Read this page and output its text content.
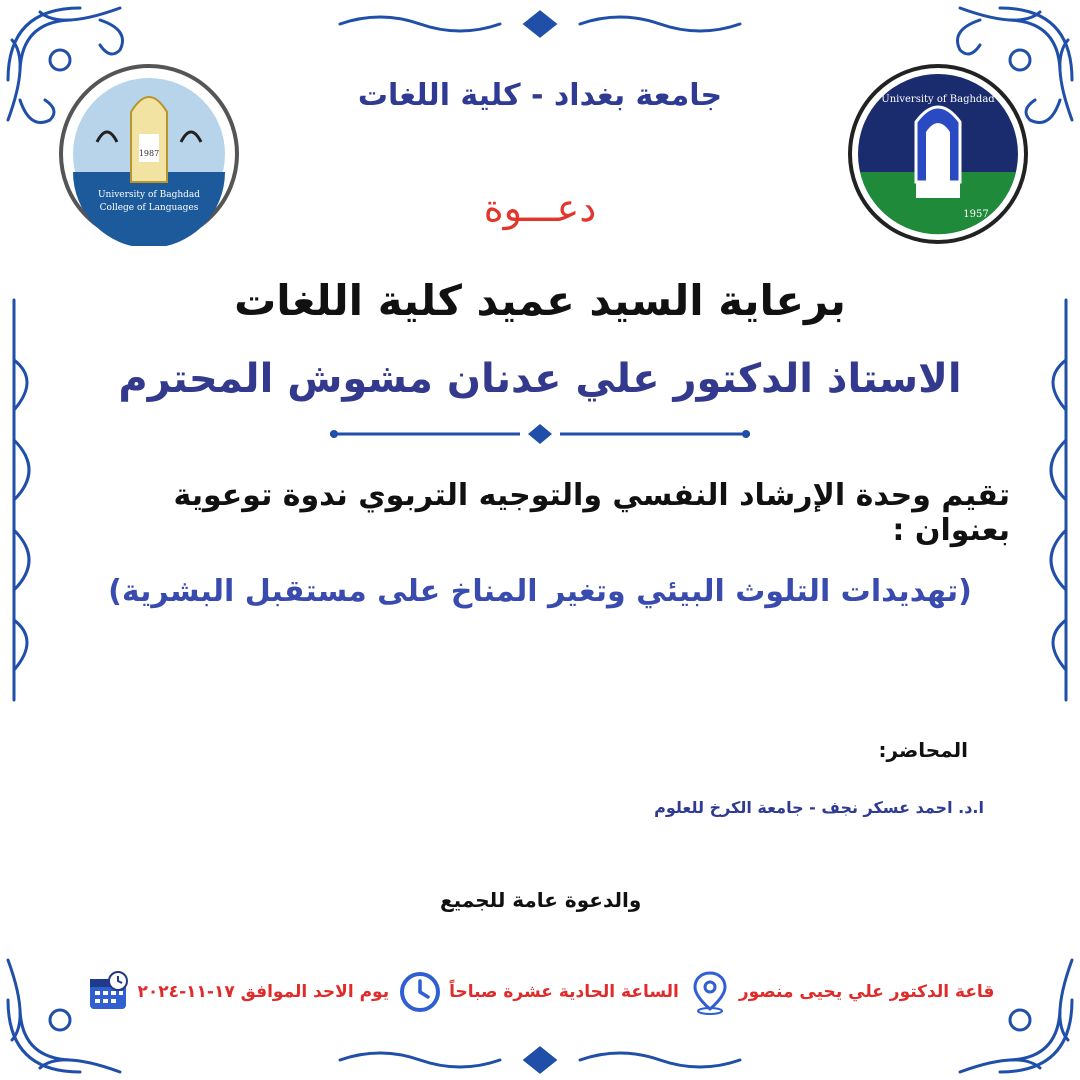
University of Baghdad
College of Languages
1987
University of Baghdad
1957
جامعة بغداد - كلية اللغات
دعـــوة
برعاية السيد عميد كلية اللغات
الاستاذ الدكتور علي عدنان مشوش المحترم
تقيم وحدة الإرشاد النفسي والتوجيه التربوي ندوة توعوية بعنوان :
(تهديدات التلوث البيئي وتغير المناخ على مستقبل البشرية)
المحاضر:
ا.د. احمد عسكر نجف - جامعة الكرخ للعلوم
والدعوة عامة للجميع
يوم الاحد الموافق ١٧-١١-٢٠٢٤	الساعة الحادية عشرة صباحاً	قاعة الدكتور علي يحيى منصور
